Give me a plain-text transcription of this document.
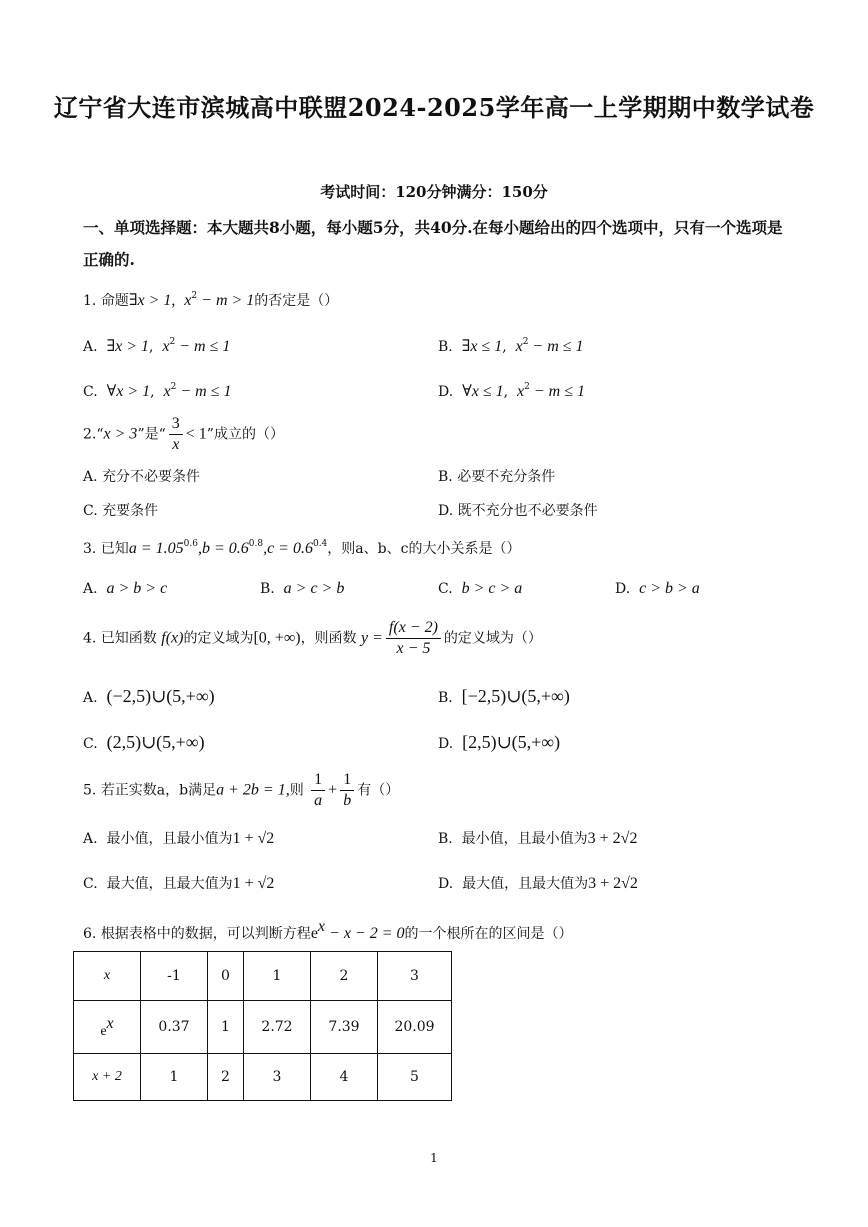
辽宁省大连市滨城高中联盟2024-2025学年高一上学期期中数学试卷
考试时间：120分钟满分：150分
一、单项选择题：本大题共8小题，每小题5分，共40分.在每小题给出的四个选项中，只有一个选项是正确的.
1. 命题∃x > 1, $x^2 - m > 1$的否定是（）
A. ∃x > 1,  $x^2 - m \le 1$	B. ∃x ≤ 1,  $x^2 - m \le 1$
C. ∀x > 1,  $x^2 - m \le 1$	D. ∀x ≤ 1,  $x^2 - m \le 1$
2.“x > 3”是“ $\frac{3}{x} < 1$”成立的（）
A. 充分不必要条件	B. 必要不充分条件
C. 充要条件	D. 既不充分也不必要条件
3. 已知$a = 1.05^{0.6},b = 0.6^{0.8},c = 0.6^{0.4}$，则a、b、c的大小关系是（）
A. a > b > c	B. a > c > b	C. b > c > a	D. c > b > a
4. 已知函数 f(x)的定义域为[0, +∞)，则函数 $y = \frac{f(x - 2)}{x - 5}$ 的定义域为（）
A. (−2,5)∪(5,+∞)	B. [−2,5)∪(5,+∞)
C. (2,5)∪(5,+∞)	D. [2,5)∪(5,+∞)
5. 若正实数a，b满足a + 2b = 1,则 $\frac{1}{a} + \frac{1}{b}$ 有（）
A. 最小值，且最小值为1 + √2	B. 最小值，且最小值为3 + 2√2
C. 最大值，且最大值为1 + √2	D. 最大值，且最大值为3 + 2√2
6. 根据表格中的数据，可以判断方程$e^x - x - 2 = 0$的一个根所在的区间是（）
x	-1	0	1	2	3
$e^x$	0.37	1	2.72	7.39	20.09
x + 2	1	2	3	4	5
1
